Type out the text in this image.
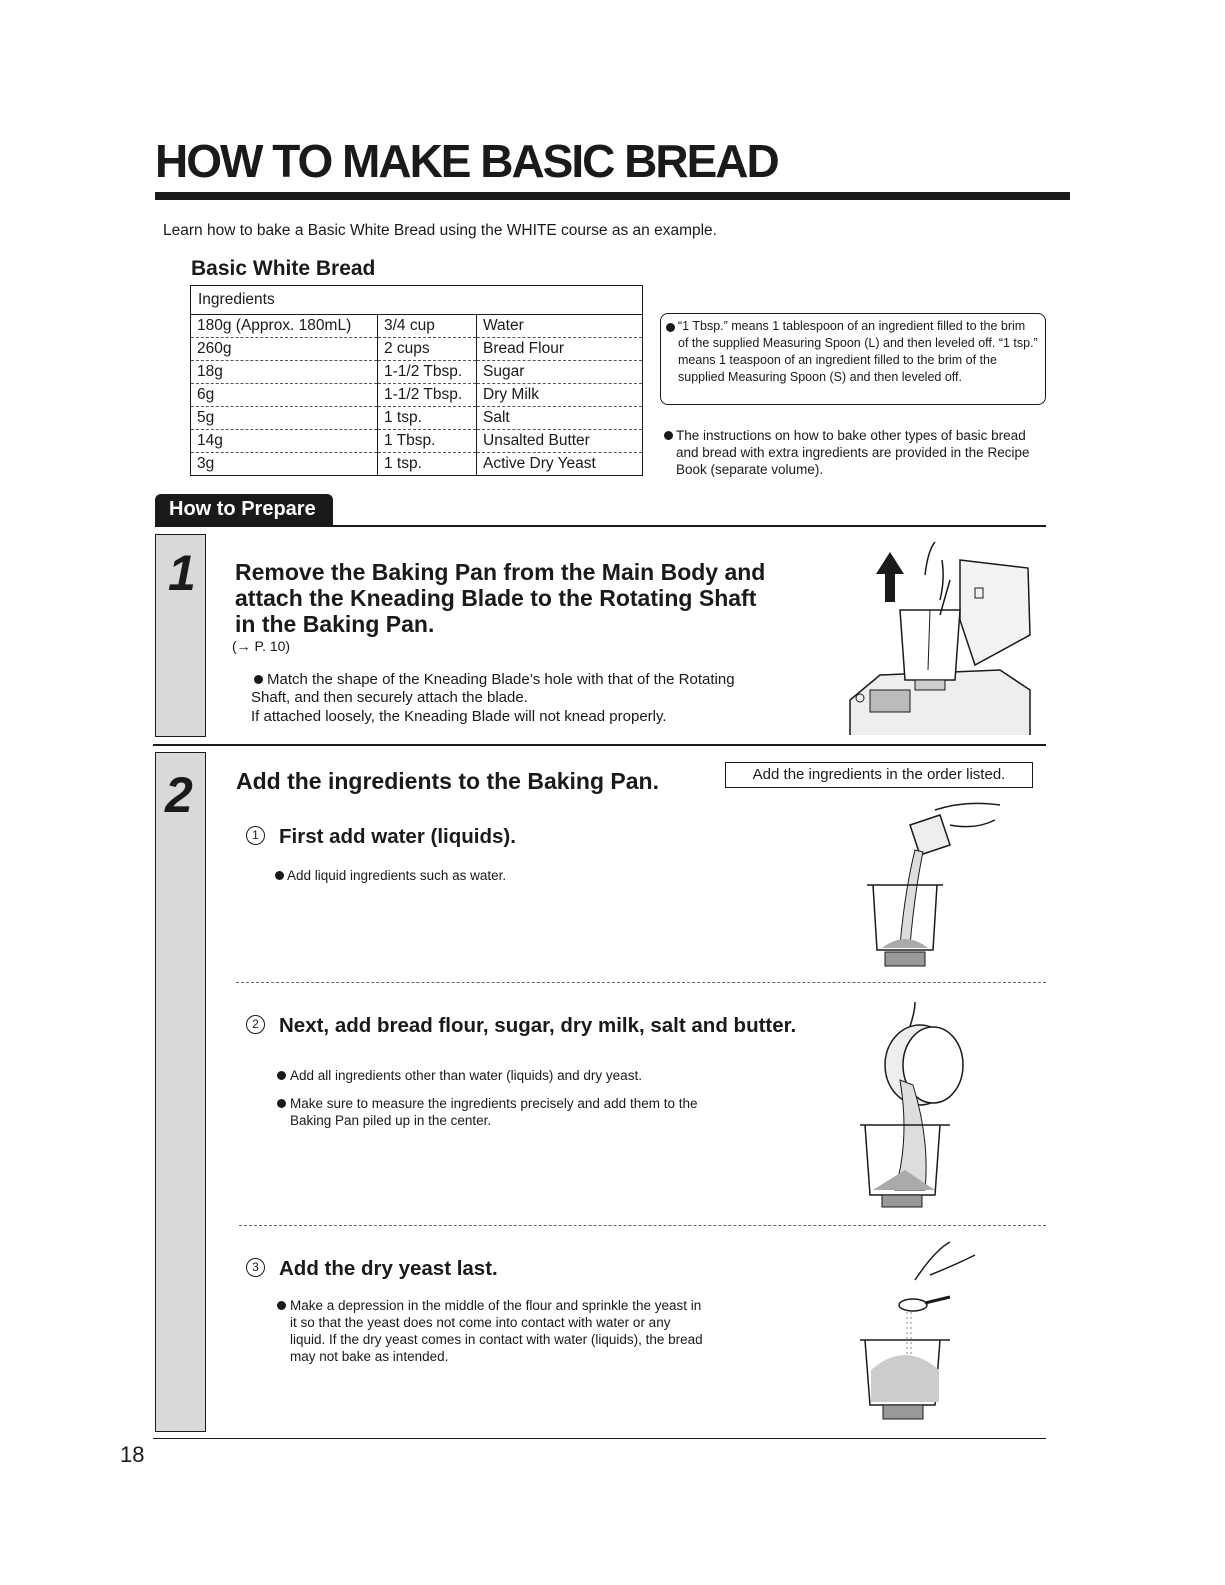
HOW TO MAKE BASIC BREAD
Learn how to bake a Basic White Bread using the WHITE course as an example.
Basic White Bread
Ingredients		
180g (Approx. 180mL)	3/4 cup	Water
260g	2 cups	Bread Flour
18g	1-1/2 Tbsp.	Sugar
6g	1-1/2 Tbsp.	Dry Milk
5g	1 tsp.	Salt
14g	1 Tbsp.	Unsalted Butter
3g	1 tsp.	Active Dry Yeast
“1 Tbsp.” means 1 tablespoon of an ingredient filled to the brim of the supplied Measuring Spoon (L) and then leveled off. “1 tsp.” means 1 teaspoon of an ingredient filled to the brim of the supplied Measuring Spoon (S) and then leveled off.
The instructions on how to bake other types of basic bread and bread with extra ingredients are provided in the Recipe Book (separate volume).
How to Prepare
1 Remove the Baking Pan from the Main Body and
attach the Kneading Blade to the Rotating Shaft
in the Baking Pan.
(→ P. 10)
Match the shape of the Kneading Blade’s hole with that of the Rotating
Shaft, and then securely attach the blade.
If attached loosely, the Kneading Blade will not knead properly.
2 Add the ingredients to the Baking Pan.	Add the ingredients in the order listed.
1 First add water (liquids).
Add liquid ingredients such as water.
2 Next, add bread flour, sugar, dry milk, salt and butter.
Add all ingredients other than water (liquids) and dry yeast.
Make sure to measure the ingredients precisely and add them to the
Baking Pan piled up in the center.
3 Add the dry yeast last.
Make a depression in the middle of the flour and sprinkle the yeast in
it so that the yeast does not come into contact with water or any
liquid. If the dry yeast comes in contact with water (liquids), the bread
may not bake as intended.
18
